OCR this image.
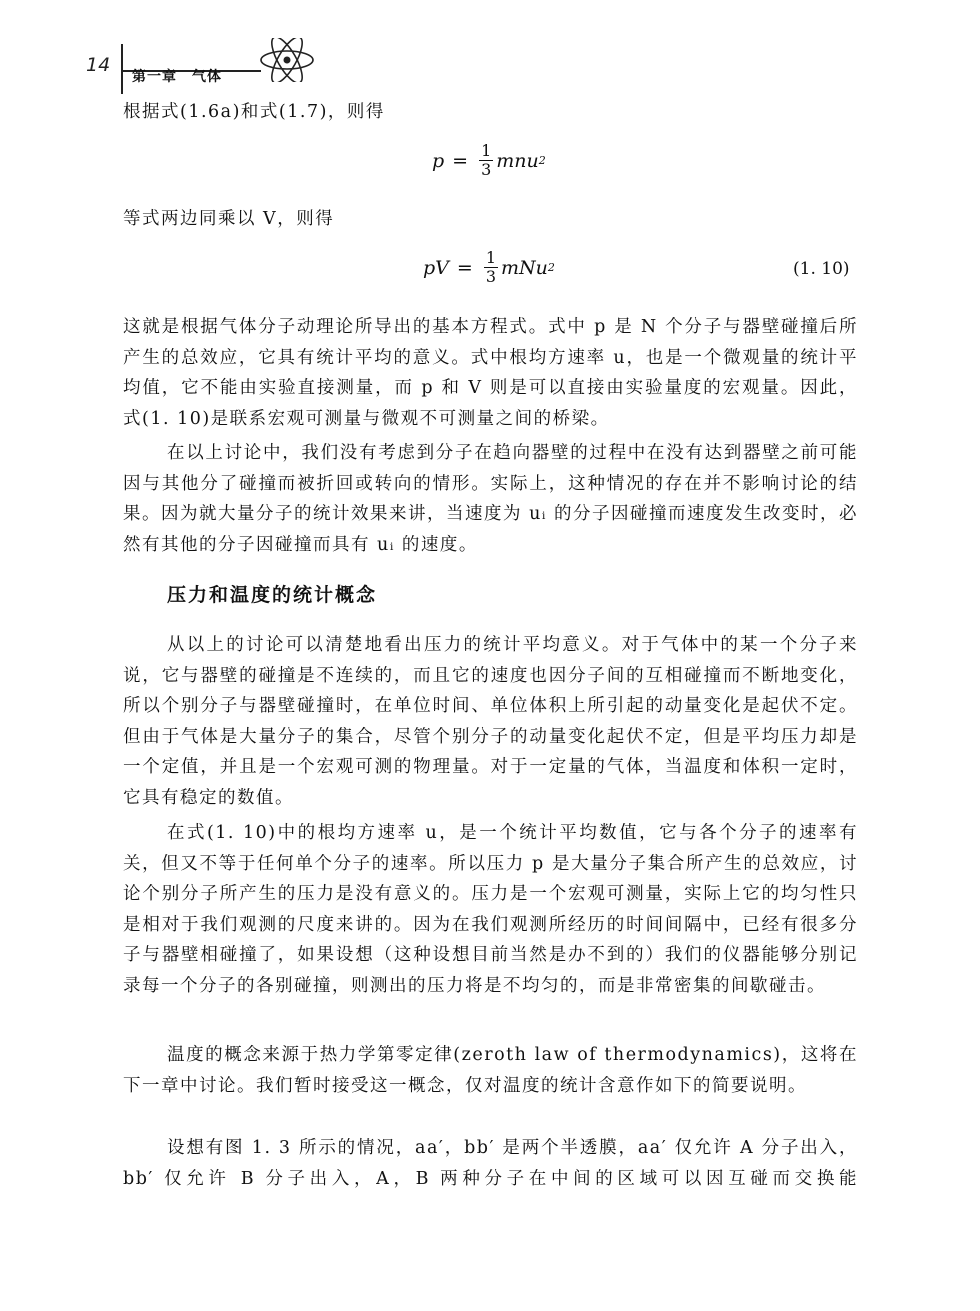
14
第一章　气体

根据式(1.6a)和式(1.7)，则得

$p = \frac{1}{3}$ mnu 2

等式两边同乘以 V，则得

pV = $\frac{1}{3}$ mNu 2	(1. 10)

这就是根据气体分子动理论所导出的基本方程式。式中 p 是 N 个分子与器壁碰撞后所产生的总效应，它具有统计平均的意义。式中根均方速率 u，也是一个微观量的统计平均值，它不能由实验直接测量，而 p 和 V 则是可以直接由实验量度的宏观量。因此，式(1. 10)是联系宏观可测量与微观不可测量之间的桥梁。

在以上讨论中，我们没有考虑到分子在趋向器壁的过程中在没有达到器壁之前可能因与其他分了碰撞而被折回或转向的情形。实际上，这种情况的存在并不影响讨论的结果。因为就大量分子的统计效果来讲，当速度为 uᵢ 的分子因碰撞而速度发生改变时，必然有其他的分子因碰撞而具有 uᵢ 的速度。

压力和温度的统计概念

从以上的讨论可以清楚地看出压力的统计平均意义。对于气体中的某一个分子来说，它与器壁的碰撞是不连续的，而且它的速度也因分子间的互相碰撞而不断地变化，所以个别分子与器壁碰撞时，在单位时间、单位体积上所引起的动量变化是起伏不定。但由于气体是大量分子的集合，尽管个别分子的动量变化起伏不定，但是平均压力却是一个定值，并且是一个宏观可测的物理量。对于一定量的气体，当温度和体积一定时，它具有稳定的数值。

在式(1. 10)中的根均方速率 u，是一个统计平均数值，它与各个分子的速率有关，但又不等于任何单个分子的速率。所以压力 p 是大量分子集合所产生的总效应，讨论个别分子所产生的压力是没有意义的。压力是一个宏观可测量，实际上它的均匀性只是相对于我们观测的尺度来讲的。因为在我们观测所经历的时间间隔中，已经有很多分子与器壁相碰撞了，如果设想（这种设想目前当然是办不到的）我们的仪器能够分别记录每一个分子的各别碰撞，则测出的压力将是不均匀的，而是非常密集的间歇碰击。

温度的概念来源于热力学第零定律(zeroth law of thermodynamics)，这将在下一章中讨论。我们暂时接受这一概念，仅对温度的统计含意作如下的简要说明。

设想有图 1. 3 所示的情况，aa′，bb′ 是两个半透膜，aa′ 仅允许 A 分子出入，bb′ 仅允许 B 分子出入，A，B 两种分子在中间的区域可以因互碰而交换能
